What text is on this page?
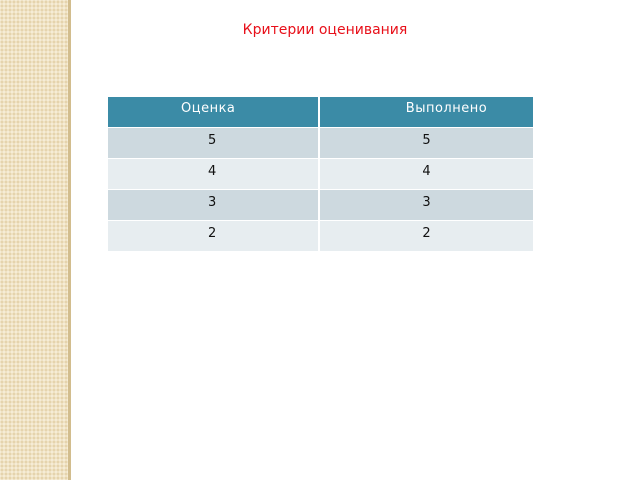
Критерии оценивания
Оценка	Выполнено
5	5
4	4
3	3
2	2
